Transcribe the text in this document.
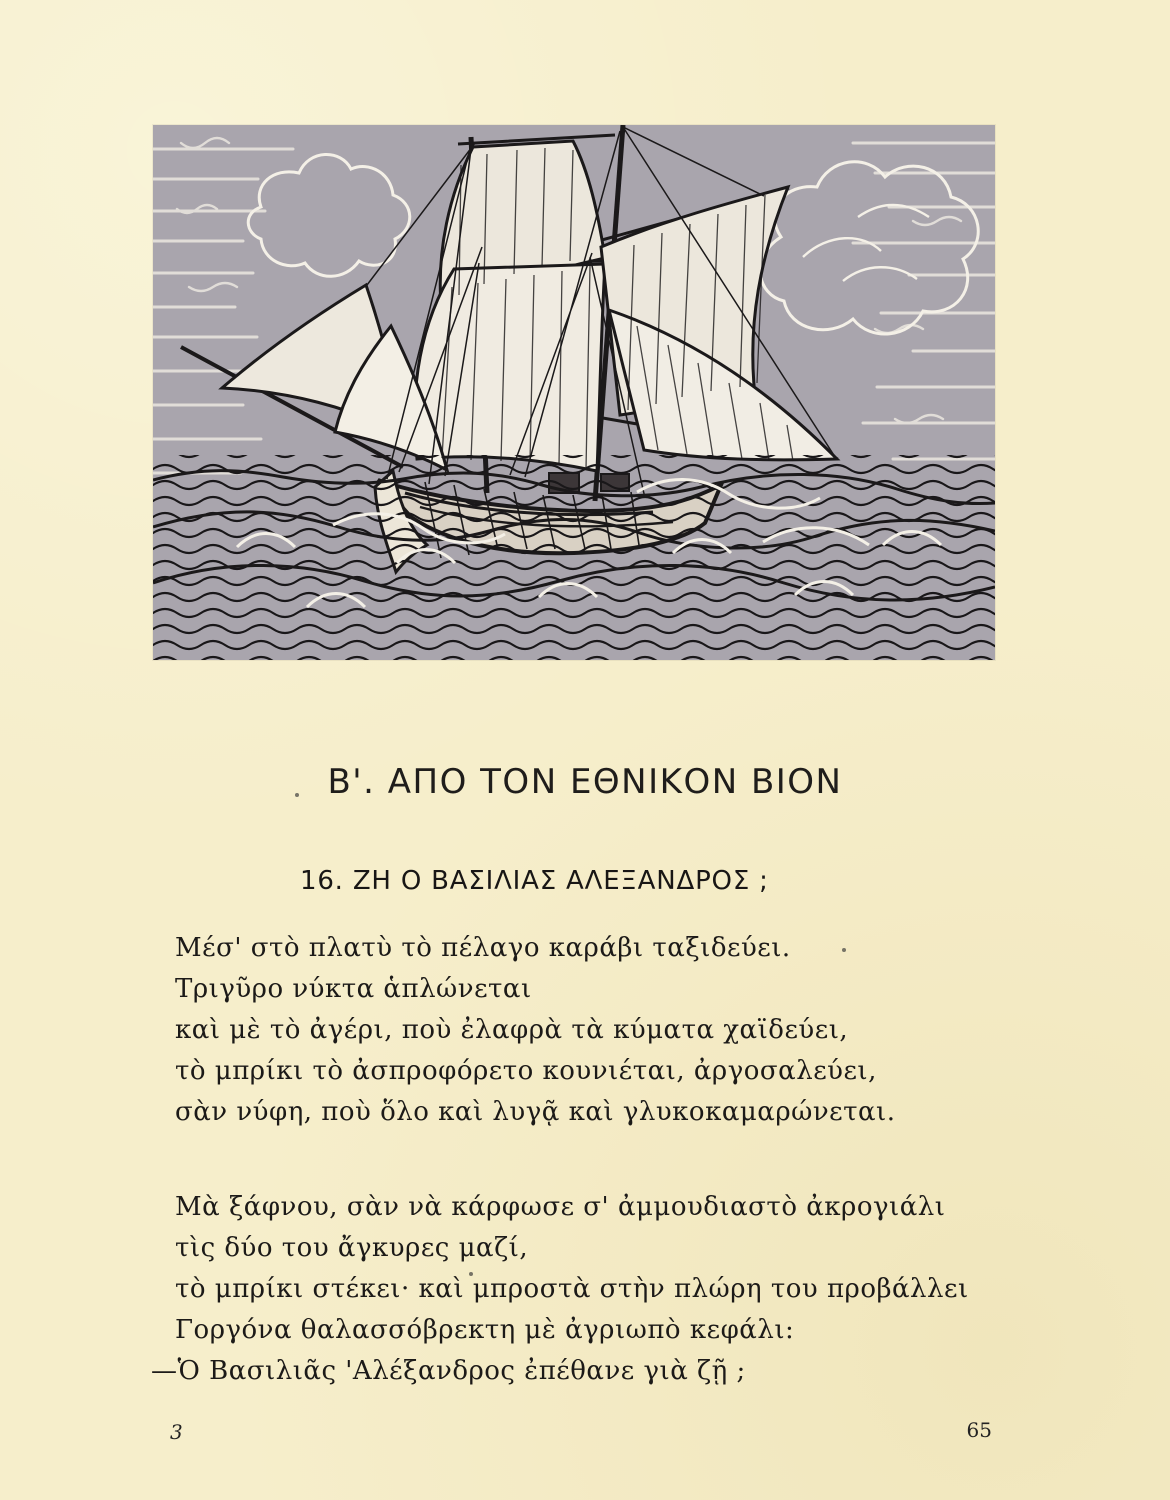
Β'. ΑΠΟ ΤΟΝ ΕΘΝΙΚΟΝ ΒΙΟΝ
16. ΖΗ Ο ΒΑΣΙΛΙΑΣ ΑΛΕΞΑΝΔΡΟΣ ;
Μέσ' στὸ πλατὺ τὸ πέλαγο καράβι ταξιδεύει.
Τριγῦρο νύκτα ἁπλώνεται
καὶ μὲ τὸ ἀγέρι, ποὺ ἐλαφρὰ τὰ κύματα χαϊδεύει,
τὸ μπρίκι τὸ ἀσπροφόρετο κουνιέται, ἀργοσαλεύει,
σὰν νύφη, ποὺ ὅλο καὶ λυγᾷ καὶ γλυκοκαμαρώνεται.
Μὰ ξάφνου, σὰν νὰ κάρφωσε σ' ἀμμουδιαστὸ ἀκρογιάλι
τὶς δύο του ἄγκυρες μαζί,
τὸ μπρίκι στέκει· καὶ μπροστὰ στὴν πλώρη του προβάλλει
Γοργόνα θαλασσόβρεκτη μὲ ἀγριωπὸ κεφάλι:
—Ὁ Βασιλιᾶς 'Αλέξανδρος ἐπέθανε γιὰ ζῇ ;
3	65
